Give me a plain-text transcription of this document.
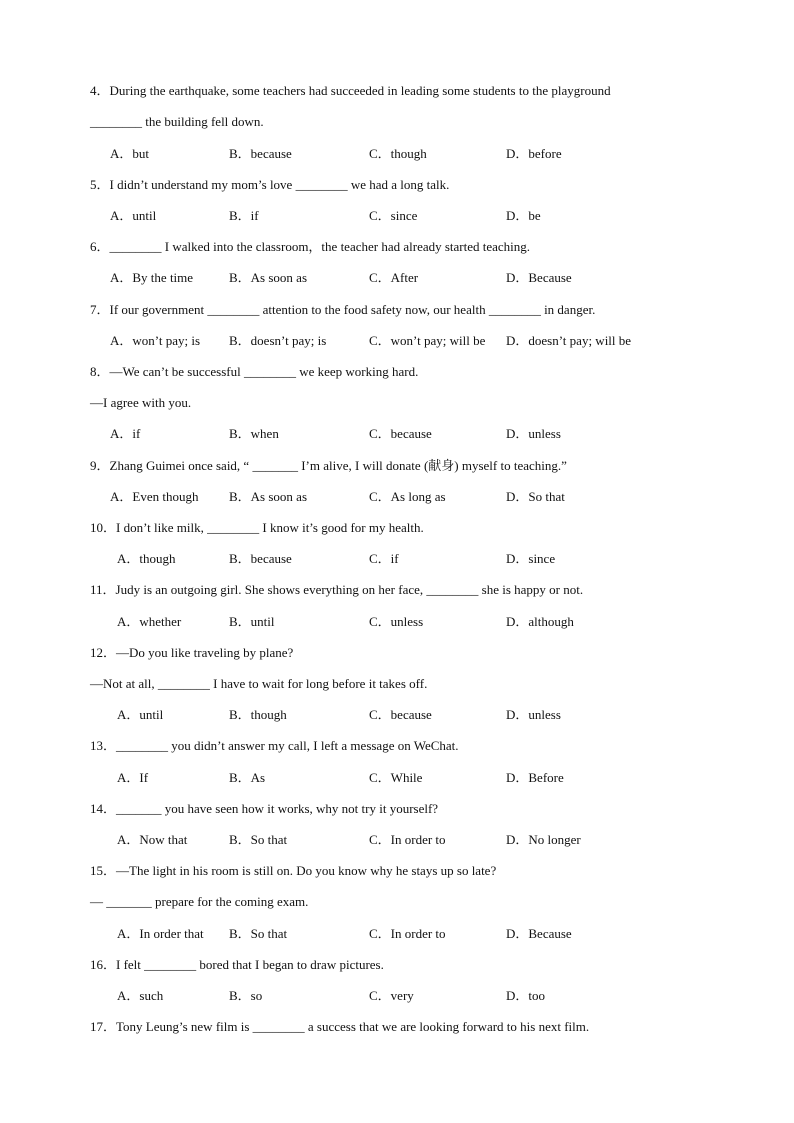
4．During the earthquake, some teachers had succeeded in leading some students to the playground
________ the building fell down.
A．but	B．because	C．though	D．before
5．I didn’t understand my mom’s love ________ we had a long talk.
A．until	B．if	C．since	D．be
6．________ I walked into the classroom，the teacher had already started teaching.
A．By the time	B．As soon as	C．After	D．Because
7．If our government ________ attention to the food safety now, our health ________ in danger.
A．won’t pay; is B．doesn’t pay; is	C．won’t pay; will be D．doesn’t pay; will be
8．—We can’t be successful ________ we keep working hard.
—I agree with you.
A．if	B．when	C．because	D．unless
9．Zhang Guimei once said, “ _______ I’m alive, I will donate (献身) myself to teaching.”
A．Even though B．As soon as	C．As long as	D．So that
10．I don’t like milk, ________ I know it’s good for my health.
A．though	B．because	C．if	D．since
11．Judy is an outgoing girl. She shows everything on her face, ________ she is happy or not.
A．whether	B．until	C．unless	D．although
12．—Do you like traveling by plane?
—Not at all, ________ I have to wait for long before it takes off.
A．until	B．though	C．because	D．unless
13．________ you didn’t answer my call, I left a message on WeChat.
A．If	B．As	C．While	D．Before
14．_______ you have seen how it works, why not try it yourself?
A．Now that	B．So that	C．In order to	D．No longer
15．—The light in his room is still on. Do you know why he stays up so late?
— _______ prepare for the coming exam.
A．In order that B．So that	C．In order to	D．Because
16．I felt ________ bored that I began to draw pictures.
A．such	B．so	C．very	D．too
17．Tony Leung’s new film is ________ a success that we are looking forward to his next film.
